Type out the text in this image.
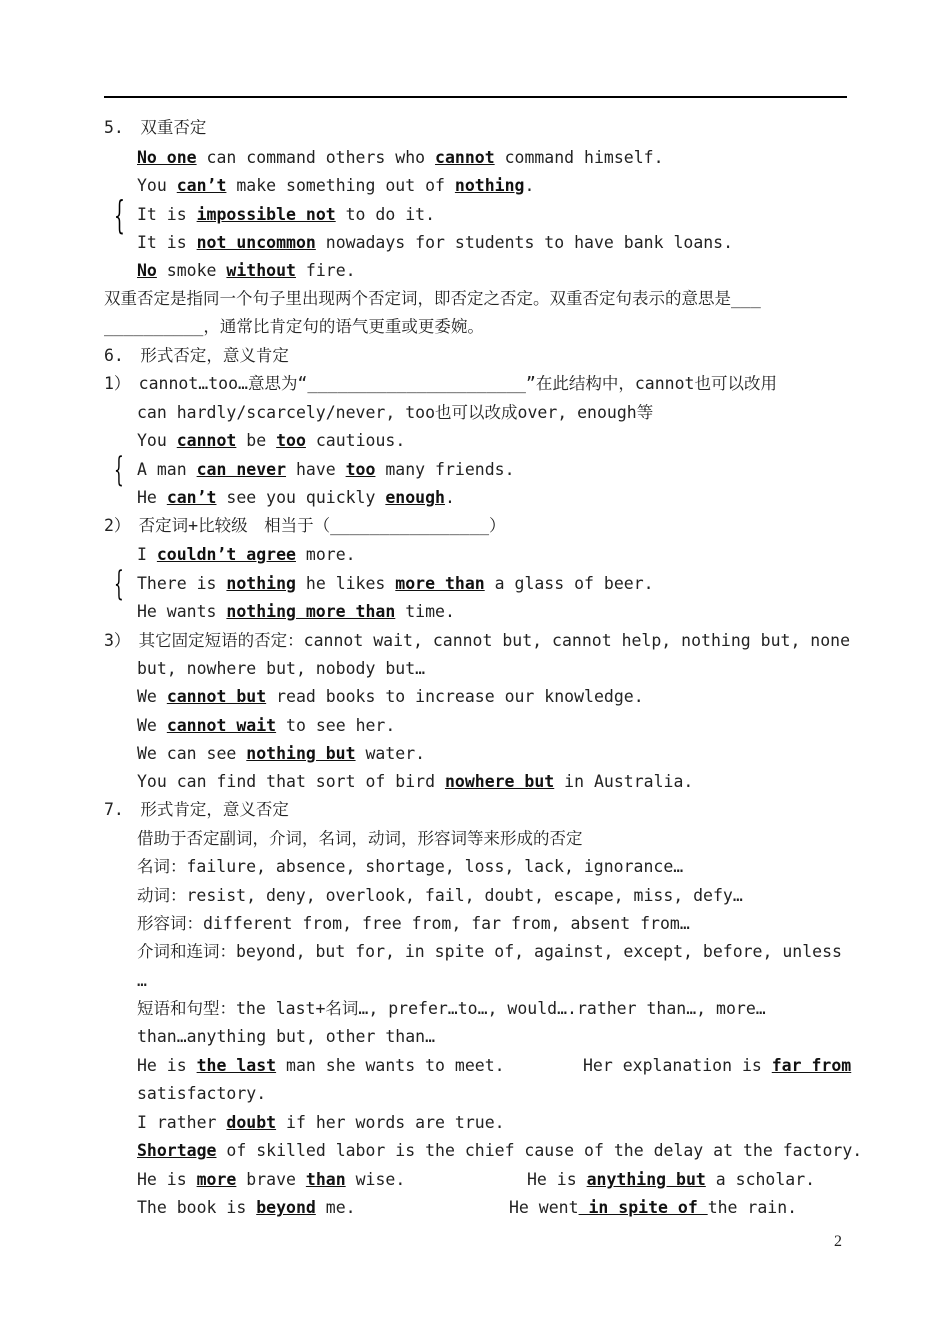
5.　双重否定
{
No one can command others who cannot command himself.
You can’t make something out of nothing.
It is impossible not to do it.
It is not uncommon nowadays for students to have bank loans.
No smoke without fire.
双重否定是指同一个句子里出现两个否定词，即否定之否定。双重否定句表示的意思是___
__________，通常比肯定句的语气更重或更委婉。
6.　形式否定，意义肯定
1）　cannot…too…意思为“______________________”在此结构中，cannot也可以改用
can hardly/scarcely/never, too也可以改成over, enough等
{
You cannot be too cautious.
A man can never have too many friends.
He can’t see you quickly enough.
2）　否定词+比较级　相当于（________________）
{
I couldn’t agree more.
There is nothing he likes more than a glass of beer.
He wants nothing more than time.
3）　其它固定短语的否定：cannot wait, cannot but, cannot help, nothing but, none
but, nowhere but, nobody but…
We cannot but read books to increase our knowledge.
We cannot wait to see her.
We can see nothing but water.
You can find that sort of bird nowhere but in Australia.
7.　形式肯定，意义否定
借助于否定副词，介词，名词，动词，形容词等来形成的否定
名词：failure, absence, shortage, loss, lack, ignorance…
动词：resist, deny, overlook, fail, doubt, escape, miss, defy…
形容词：different from, free from, far from, absent from…
介词和连词：beyond, but for, in spite of, against, except, before, unless
…
短语和句型：the last+名词…, prefer…to…, would….rather than…, more…
than…anything but, other than…
He is the last man she wants to meet.	Her explanation is far from
satisfactory.
I rather doubt if her words are true.
Shortage of skilled labor is the chief cause of the delay at the factory.
He is more brave than wise.	He is anything but a scholar.
The book is beyond me.	He went in spite of the rain.
2
